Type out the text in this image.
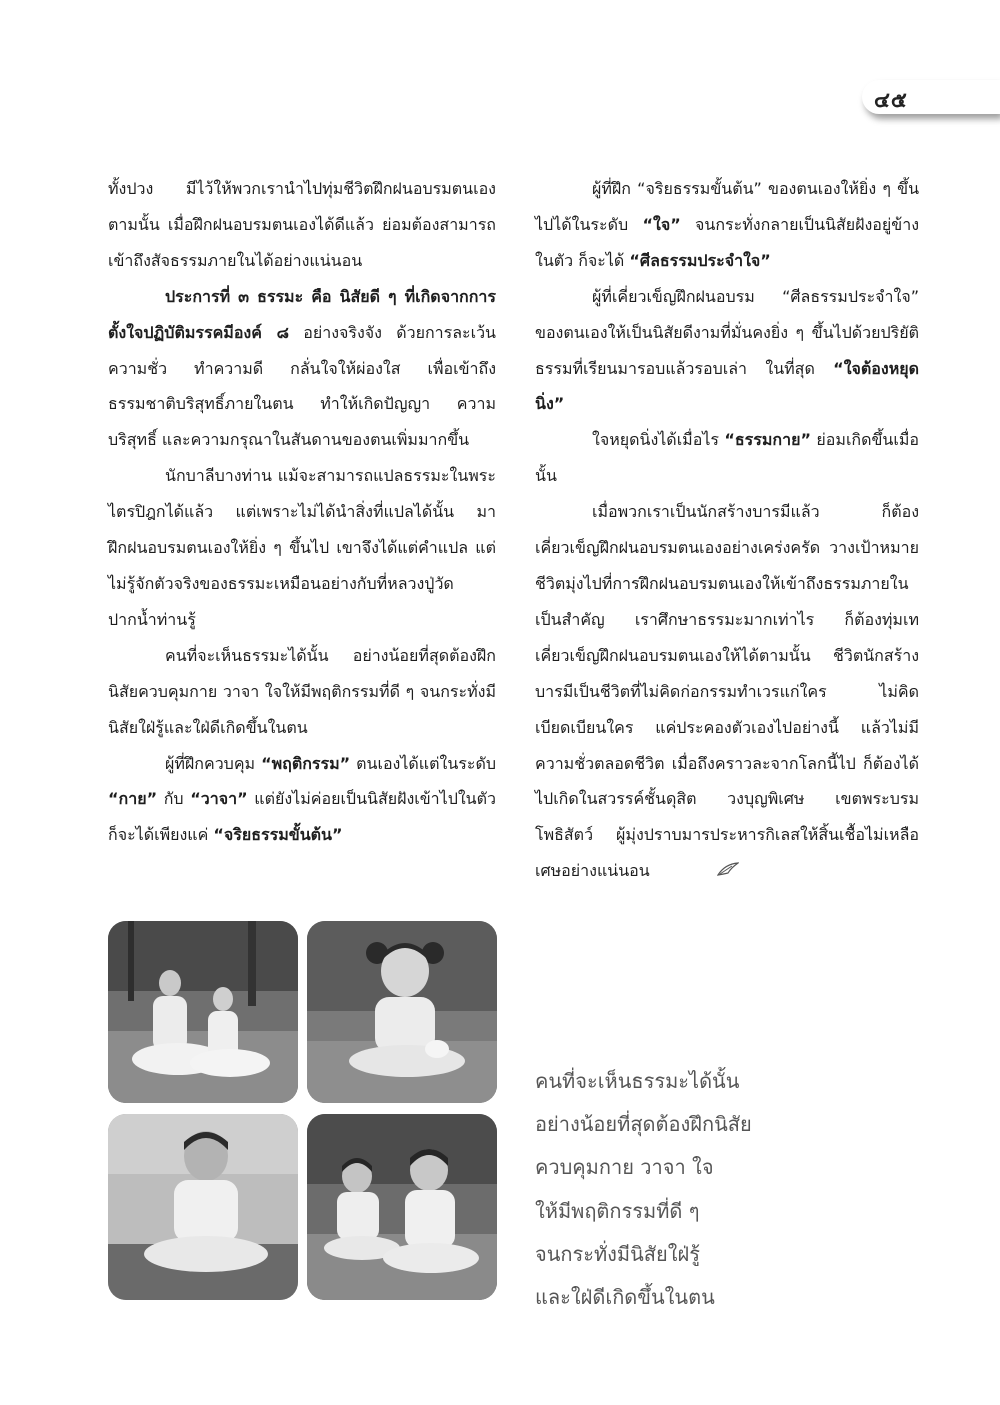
๔๕

ทั้งปวง มีไว้ให้พวกเรานำไปทุ่มชีวิตฝึกฝนอบรมตนเองตามนั้น เมื่อฝึกฝนอบรมตนเองได้ดีแล้ว ย่อมต้องสามารถเข้าถึงสัจธรรมภายในได้อย่างแน่นอน

ประการที่ ๓ ธรรมะ คือ นิสัยดี ๆ ที่เกิดจากการตั้งใจปฏิบัติมรรคมีองค์ ๘ อย่างจริงจัง ด้วยการละเว้นความชั่ว ทำความดี กลั่นใจให้ผ่องใส เพื่อเข้าถึงธรรมชาติบริสุทธิ์ภายในตน ทำให้เกิดปัญญา ความบริสุทธิ์ และความกรุณาในสันดานของตนเพิ่มมากขึ้น

นักบาลีบางท่าน แม้จะสามารถแปลธรรมะในพระไตรปิฎกได้แล้ว แต่เพราะไม่ได้นำสิ่งที่แปลได้นั้น มาฝึกฝนอบรมตนเองให้ยิ่ง ๆ ขึ้นไป เขาจึงได้แต่คำแปล แต่ไม่รู้จักตัวจริงของธรรมะเหมือนอย่างกับที่หลวงปู่วัดปากน้ำท่านรู้

คนที่จะเห็นธรรมะได้นั้น อย่างน้อยที่สุดต้องฝึกนิสัยควบคุมกาย วาจา ใจให้มีพฤติกรรมที่ดี ๆ จนกระทั่งมีนิสัยใฝ่รู้และใฝ่ดีเกิดขึ้นในตน

ผู้ที่ฝึกควบคุม “พฤติกรรม” ตนเองได้แต่ในระดับ “กาย” กับ “วาจา” แต่ยังไม่ค่อยเป็นนิสัยฝังเข้าไปในตัว ก็จะได้เพียงแค่ “จริยธรรมขั้นต้น”

ผู้ที่ฝึก “จริยธรรมขั้นต้น” ของตนเองให้ยิ่ง ๆ ขึ้นไปได้ในระดับ “ใจ” จนกระทั่งกลายเป็นนิสัยฝังอยู่ข้างในตัว ก็จะได้ “ศีลธรรมประจำใจ”

ผู้ที่เคี่ยวเข็ญฝึกฝนอบรม “ศีลธรรมประจำใจ” ของตนเองให้เป็นนิสัยดีงามที่มั่นคงยิ่ง ๆ ขึ้นไปด้วยปริยัติธรรมที่เรียนมารอบแล้วรอบเล่า ในที่สุด “ใจต้องหยุดนิ่ง”

ใจหยุดนิ่งได้เมื่อไร “ธรรมกาย” ย่อมเกิดขึ้นเมื่อนั้น

เมื่อพวกเราเป็นนักสร้างบารมีแล้ว ก็ต้องเคี่ยวเข็ญฝึกฝนอบรมตนเองอย่างเคร่งครัด วางเป้าหมายชีวิตมุ่งไปที่การฝึกฝนอบรมตนเองให้เข้าถึงธรรมภายในเป็นสำคัญ เราศึกษาธรรมะมากเท่าไร ก็ต้องทุ่มเทเคี่ยวเข็ญฝึกฝนอบรมตนเองให้ได้ตามนั้น ชีวิตนักสร้างบารมีเป็นชีวิตที่ไม่คิดก่อกรรมทำเวรแก่ใคร ไม่คิดเบียดเบียนใคร แค่ประคองตัวเองไปอย่างนี้ แล้วไม่มีความชั่วตลอดชีวิต เมื่อถึงคราวละจากโลกนี้ไป ก็ต้องได้ไปเกิดในสวรรค์ชั้นดุสิต วงบุญพิเศษ เขตพระบรมโพธิสัตว์ ผู้มุ่งปราบมารประหารกิเลสให้สิ้นเชื้อไม่เหลือเศษอย่างแน่นอน

คนที่จะเห็นธรรมะได้นั้น
อย่างน้อยที่สุดต้องฝึกนิสัย
ควบคุมกาย วาจา ใจ
ให้มีพฤติกรรมที่ดี ๆ
จนกระทั่งมีนิสัยใฝ่รู้
และใฝ่ดีเกิดขึ้นในตน
